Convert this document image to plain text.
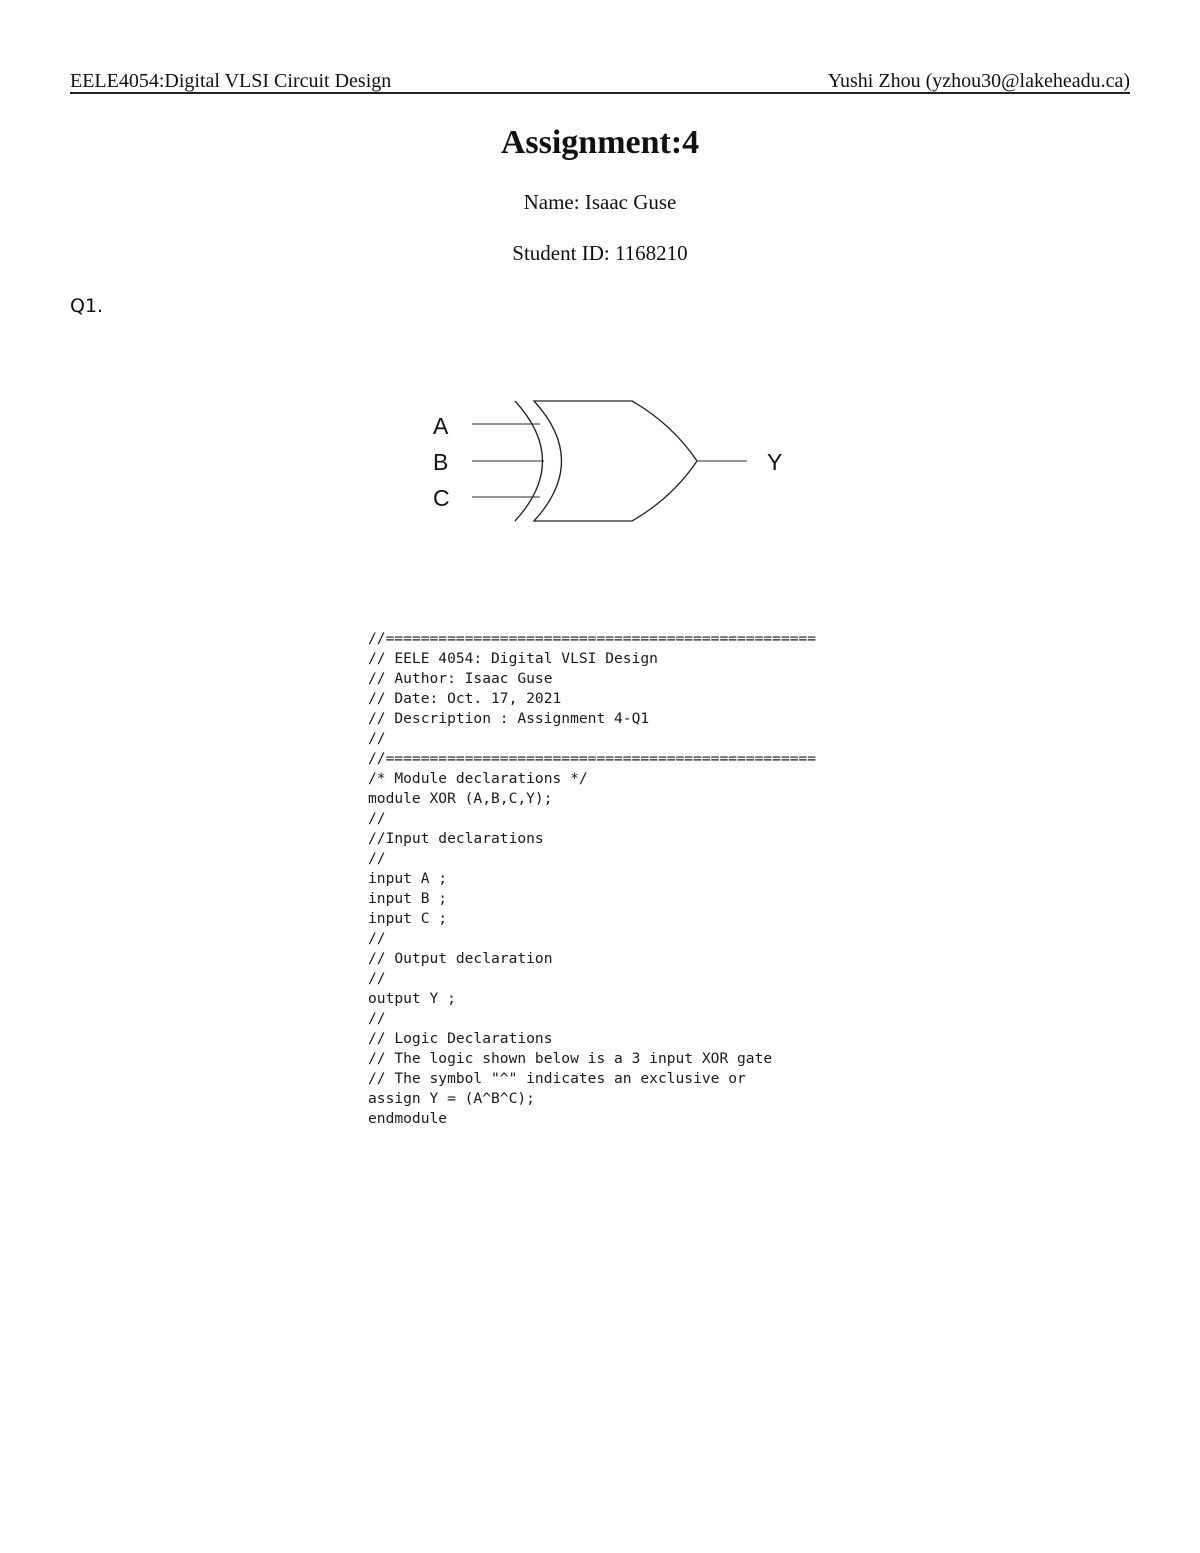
EELE4054:Digital VLSI Circuit Design	Yushi Zhou (yzhou30@lakeheadu.ca)
Assignment:4
Name: Isaac Guse
Student ID: 1168210
Q1.
A
B
C
Y
//=================================================
// EELE 4054: Digital VLSI Design
// Author: Isaac Guse
// Date: Oct. 17, 2021
// Description : Assignment 4-Q1
//
//=================================================
/* Module declarations */
module XOR (A,B,C,Y);
//
//Input declarations
//
input A ;
input B ;
input C ;
//
// Output declaration
//
output Y ;
//
// Logic Declarations
// The logic shown below is a 3 input XOR gate
// The symbol "^" indicates an exclusive or
assign Y = (A^B^C);
endmodule
